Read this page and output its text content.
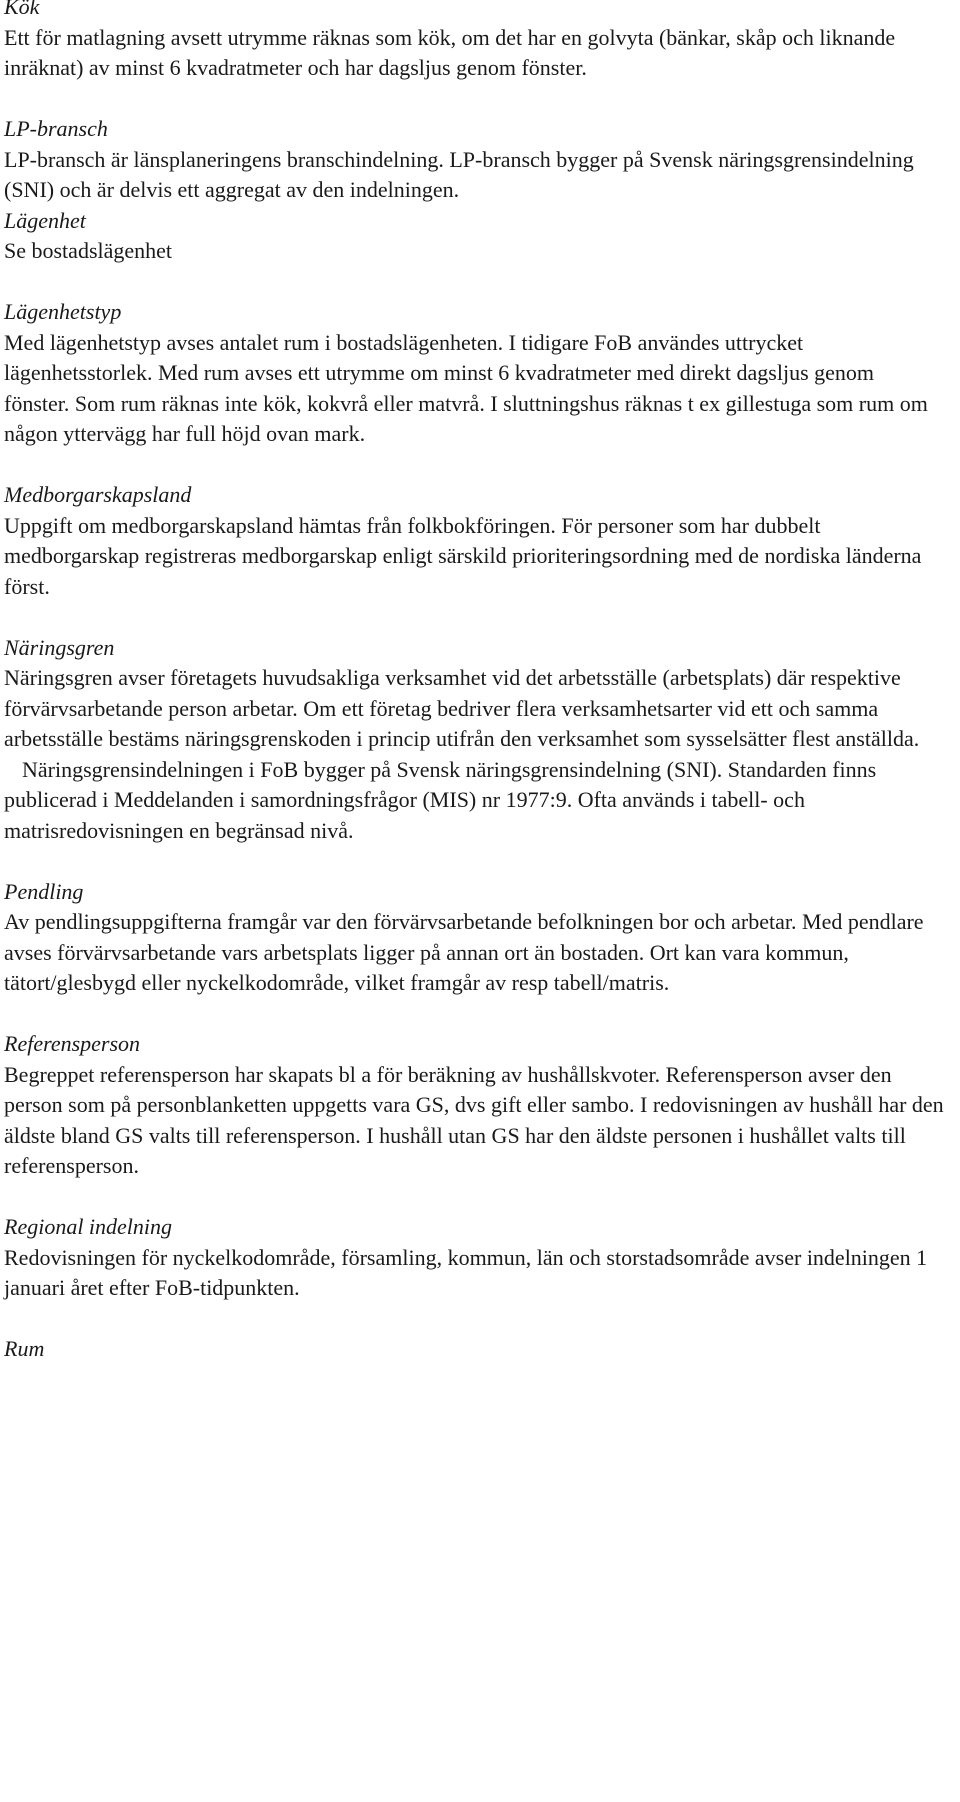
Kök

Ett för matlagning avsett utrymme räknas som kök, om det har en golvyta (bänkar, skåp och liknande inräknat) av minst 6 kvadratmeter och har dagsljus genom fönster.

LP-bransch

LP-bransch är länsplaneringens branschindelning. LP-bransch bygger på Svensk näringsgrensindelning (SNI) och är delvis ett aggregat av den indelningen.

Lägenhet

Se bostadslägenhet

Lägenhetstyp

Med lägenhetstyp avses antalet rum i bostadslägenheten. I tidigare FoB användes uttrycket lägenhetsstorlek. Med rum avses ett utrymme om minst 6 kvadratmeter med direkt dagsljus genom fönster. Som rum räknas inte kök, kokvrå eller matvrå. I sluttningshus räknas t ex gillestuga som rum om någon yttervägg har full höjd ovan mark.

Medborgarskapsland

Uppgift om medborgarskapsland hämtas från folkbokföringen. För personer som har dubbelt medborgarskap registreras medborgarskap enligt särskild prioriteringsordning med de nordiska länderna först.

Näringsgren

Näringsgren avser företagets huvudsakliga verksamhet vid det arbetsställe (arbetsplats) där respektive förvärvsarbetande person arbetar. Om ett företag bedriver flera verksamhetsarter vid ett och samma arbetsställe bestäms näringsgrenskoden i princip utifrån den verksamhet som sysselsätter flest anställda.

Näringsgrensindelningen i FoB bygger på Svensk näringsgrensindelning (SNI). Standarden finns publicerad i Meddelanden i samordningsfrågor (MIS) nr 1977:9. Ofta används i tabell- och matrisredovisningen en begränsad nivå.

Pendling

Av pendlingsuppgifterna framgår var den förvärvsarbetande befolkningen bor och arbetar. Med pendlare avses förvärvsarbetande vars arbetsplats ligger på annan ort än bostaden. Ort kan vara kommun, tätort/glesbygd eller nyckelkodområde, vilket framgår av resp tabell/matris.

Referensperson

Begreppet referensperson har skapats bl a för beräkning av hushållskvoter. Referensperson avser den person som på personblanketten uppgetts vara GS, dvs gift eller sambo. I redovisningen av hushåll har den äldste bland GS valts till referensperson. I hushåll utan GS har den äldste personen i hushållet valts till referensperson.

Regional indelning

Redovisningen för nyckelkodområde, församling, kommun, län och storstadsområde avser indelningen 1 januari året efter FoB-tidpunkten.

Rum
